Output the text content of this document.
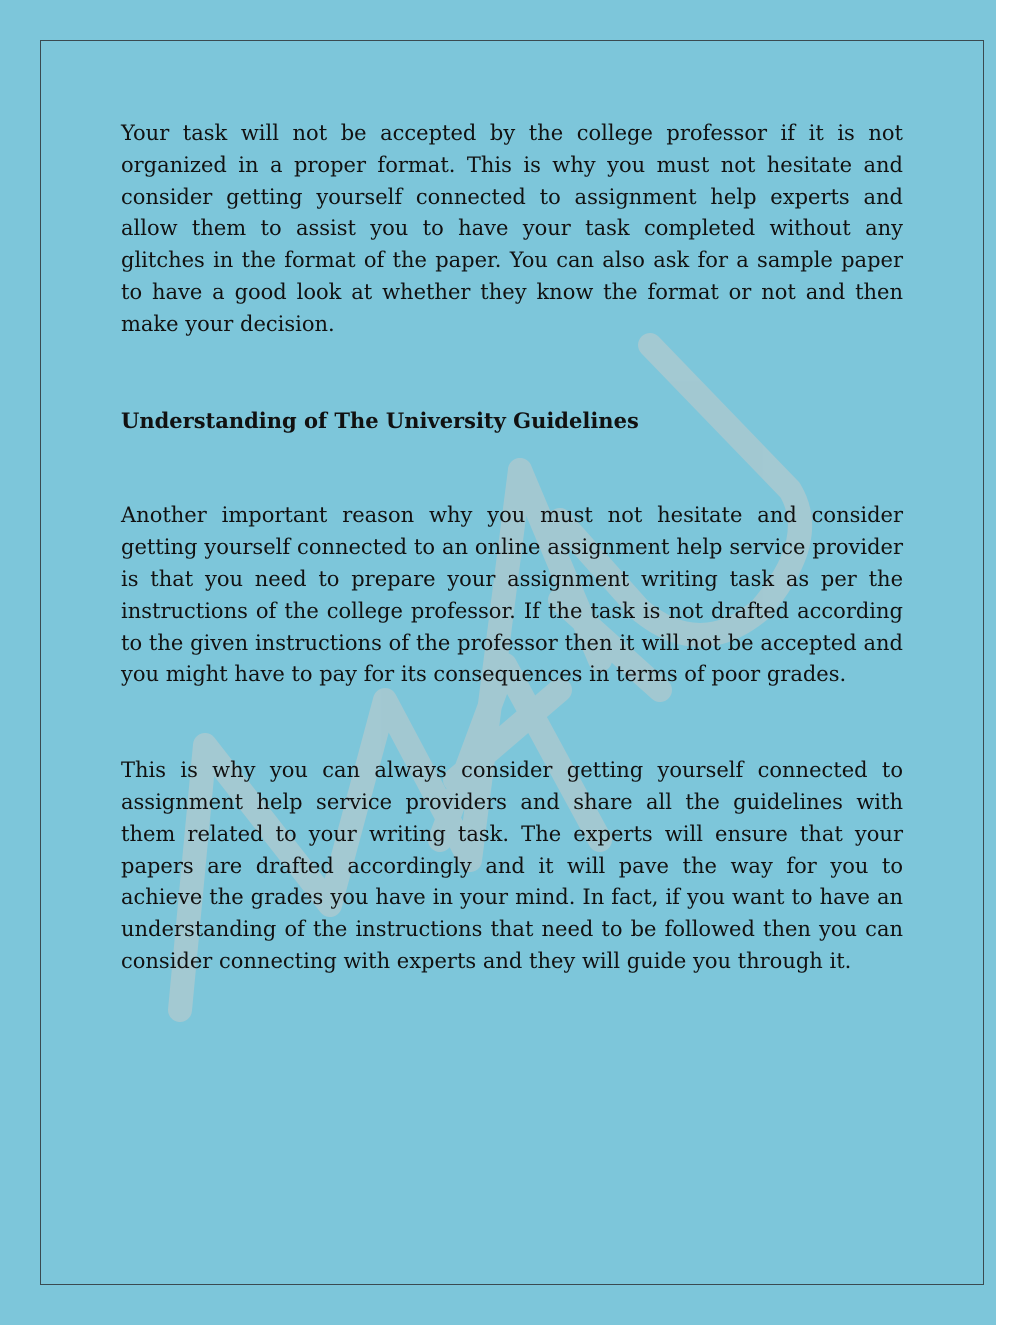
Your task will not be accepted by the college professor if it is not organized in a proper format. This is why you must not hesitate and consider getting yourself connected to assignment help experts and allow them to assist you to have your task completed without any glitches in the format of the paper. You can also ask for a sample paper to have a good look at whether they know the format or not and then make your decision.

Understanding of The University Guidelines

Another important reason why you must not hesitate and consider getting yourself connected to an online assignment help service provider is that you need to prepare your assignment writing task as per the instructions of the college professor. If the task is not drafted according to the given instructions of the professor then it will not be accepted and you might have to pay for its consequences in terms of poor grades.

This is why you can always consider getting yourself connected to assignment help service providers and share all the guidelines with them related to your writing task. The experts will ensure that your papers are drafted accordingly and it will pave the way for you to achieve the grades you have in your mind. In fact, if you want to have an understanding of the instructions that need to be followed then you can consider connecting with experts and they will guide you through it.
